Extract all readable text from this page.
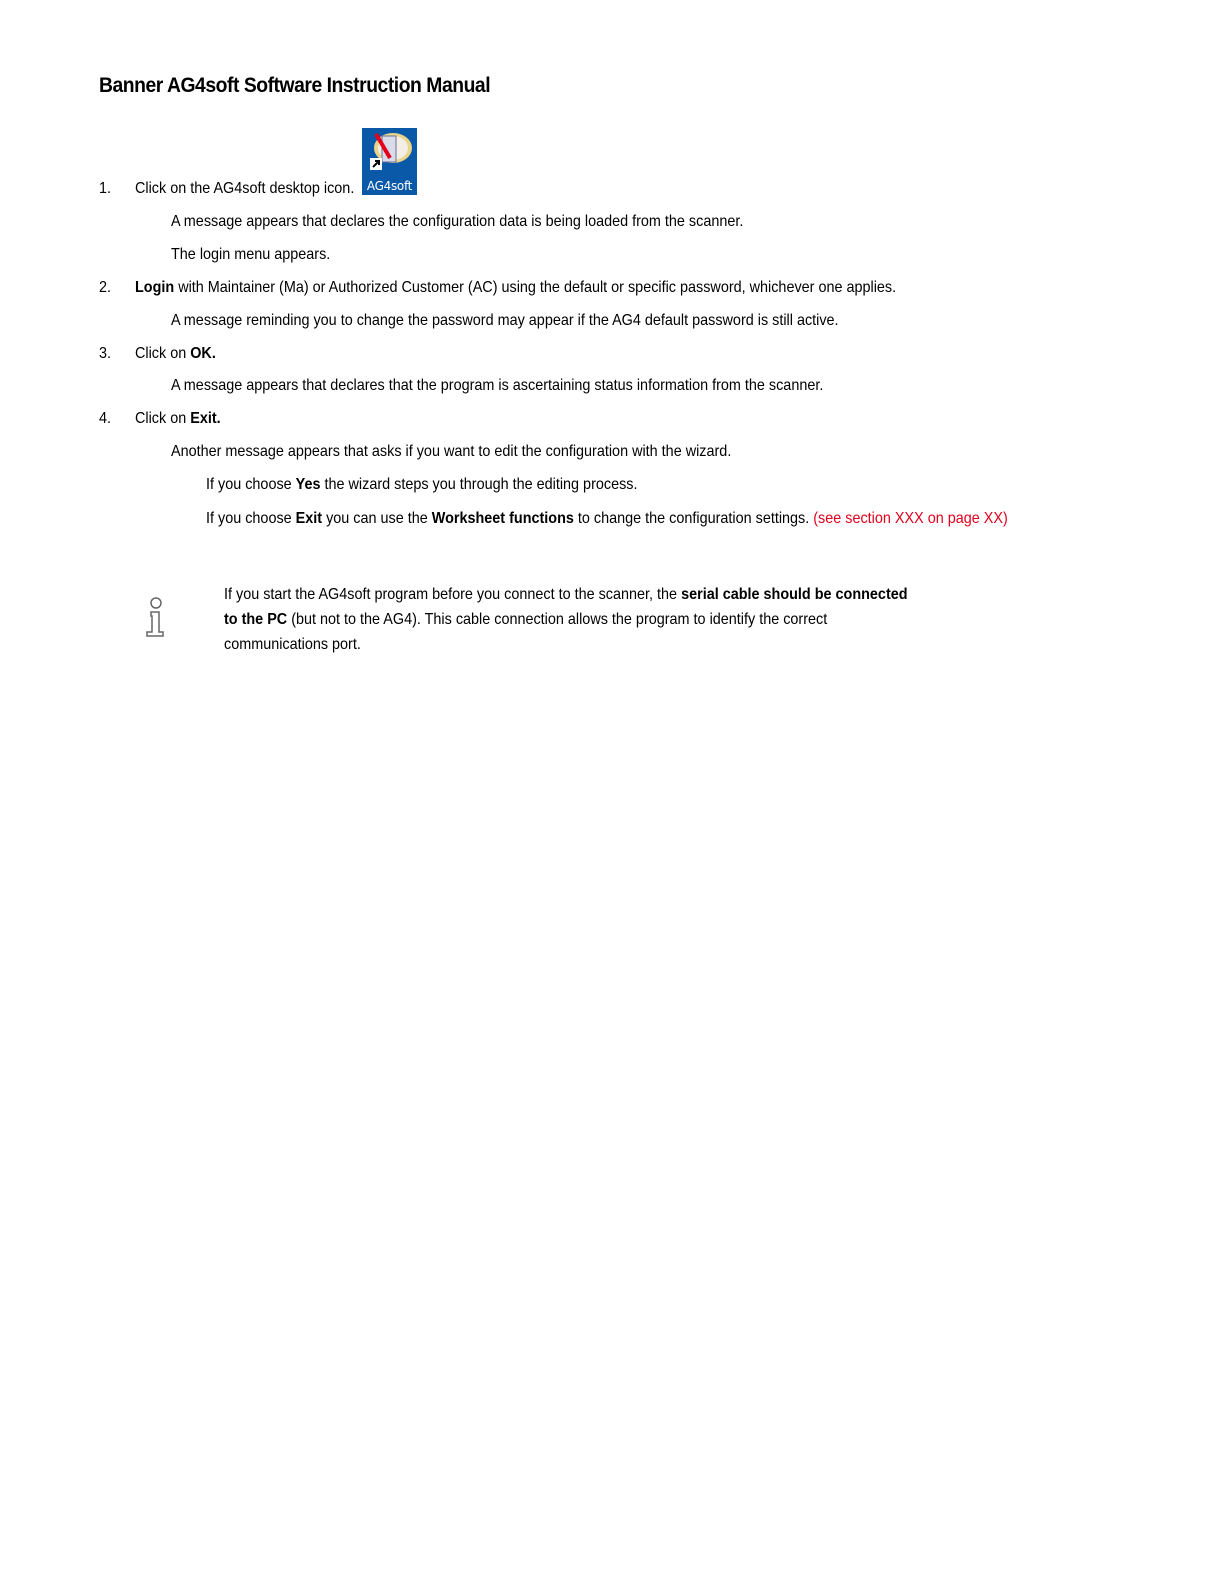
Banner AG4soft Software Instruction Manual
1. Click on the AG4soft desktop icon.	AG4soft
A message appears that declares the configuration data is being loaded from the scanner.
The login menu appears.
2. Login with Maintainer (Ma) or Authorized Customer (AC) using the default or specific password, whichever one applies.
A message reminding you to change the password may appear if the AG4 default password is still active.
3. Click on OK.
A message appears that declares that the program is ascertaining status information from the scanner.
4. Click on Exit.
Another message appears that asks if you want to edit the configuration with the wizard.
If you choose Yes the wizard steps you through the editing process.
If you choose Exit you can use the Worksheet functions to change the configuration settings. (see section XXX on page XX)
If you start the AG4soft program before you connect to the scanner, the serial cable should be connected to the PC (but not to the AG4). This cable connection allows the program to identify the correct communications port.
